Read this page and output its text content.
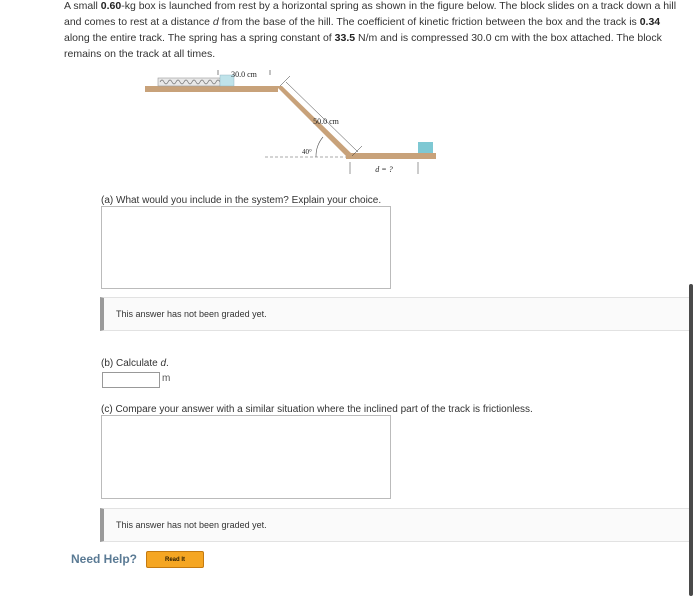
A small 0.60-kg box is launched from rest by a horizontal spring as shown in the figure below. The block slides on a track down a hill and comes to rest at a distance d from the base of the hill. The coefficient of kinetic friction between the box and the track is 0.34 along the entire track. The spring has a spring constant of 33.5 N/m and is compressed 30.0 cm with the box attached. The block remains on the track at all times.
30.0 cm
50.0 cm
40°
d = ?
(a) What would you include in the system? Explain your choice.
This answer has not been graded yet.
(b) Calculate d.
m
(c) Compare your answer with a similar situation where the inclined part of the track is frictionless.
This answer has not been graded yet.
Need Help?	Read It
